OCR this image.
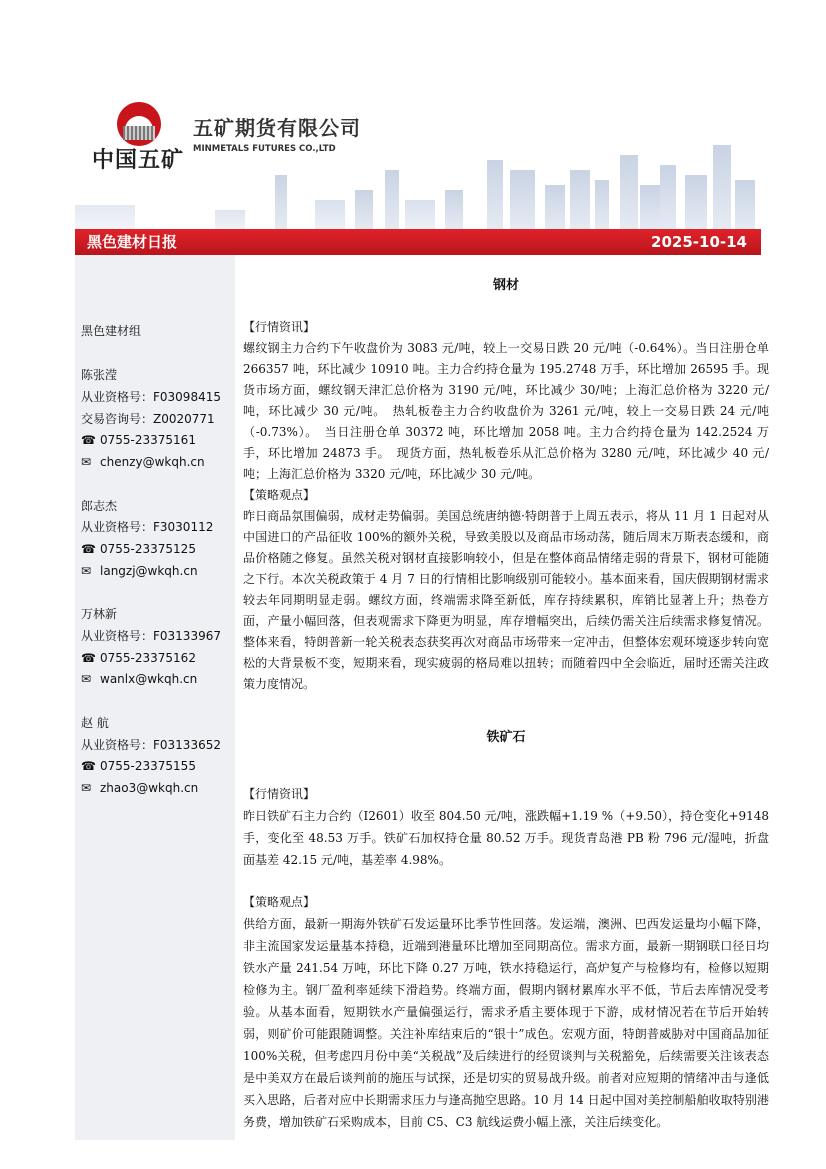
中国五矿
五矿期货有限公司
MINMETALS FUTURES CO.,LTD
黑色建材日报	2025-10-14
黑色建材组
陈张滢
从业资格号：F03098415
交易咨询号：Z0020771
☎ 0755-23375161
✉ chenzy@wkqh.cn
郎志杰
从业资格号：F3030112
☎ 0755-23375125
✉ langzj@wkqh.cn
万林新
从业资格号：F03133967
☎ 0755-23375162
✉ wanlx@wkqh.cn
赵 航
从业资格号：F03133652
☎ 0755-23375155
✉ zhao3@wkqh.cn
钢材
【行情资讯】
螺纹钢主力合约下午收盘价为 3083 元/吨，较上一交易日跌 20 元/吨（-0.64%）。当日注册仓单 266357 吨，环比减少 10910 吨。主力合约持仓量为 195.2748 万手，环比增加 26595 手。现货市场方面，螺纹钢天津汇总价格为 3190 元/吨，环比减少 30/吨；上海汇总价格为 3220 元/吨，环比减少 30 元/吨。　热轧板卷主力合约收盘价为 3261 元/吨，较上一交易日跌 24 元/吨（-0.73%）。　当日注册仓单 30372 吨，环比增加 2058 吨。主力合约持仓量为 142.2524 万手，环比增加 24873 手。　现货方面，热轧板卷乐从汇总价格为 3280 元/吨，环比减少 40 元/吨；上海汇总价格为 3320 元/吨，环比减少 30 元/吨。
【策略观点】
昨日商品氛围偏弱，成材走势偏弱。美国总统唐纳德·特朗普于上周五表示，将从 11 月 1 日起对从中国进口的产品征收 100%的额外关税，导致美股以及商品市场动荡，随后周末万斯表态缓和，商品价格随之修复。虽然关税对钢材直接影响较小，但是在整体商品情绪走弱的背景下，钢材可能随之下行。本次关税政策于 4 月 7 日的行情相比影响级别可能较小。基本面来看，国庆假期钢材需求较去年同期明显走弱。螺纹方面，终端需求降至新低，库存持续累积，库销比显著上升；热卷方面，产量小幅回落，但表观需求下降更为明显，库存增幅突出，后续仍需关注后续需求修复情况。整体来看，特朗普新一轮关税表态获奖再次对商品市场带来一定冲击，但整体宏观环境逐步转向宽松的大背景板不变，短期来看，现实疲弱的格局难以扭转；而随着四中全会临近，届时还需关注政策力度情况。
铁矿石
【行情资讯】
昨日铁矿石主力合约（I2601）收至 804.50 元/吨，涨跌幅+1.19 %（+9.50），持仓变化+9148 手，变化至 48.53 万手。铁矿石加权持仓量 80.52 万手。现货青岛港 PB 粉 796 元/湿吨，折盘面基差 42.15 元/吨，基差率 4.98%。
【策略观点】
供给方面，最新一期海外铁矿石发运量环比季节性回落。发运端，澳洲、巴西发运量均小幅下降，非主流国家发运量基本持稳，近端到港量环比增加至同期高位。需求方面，最新一期钢联口径日均铁水产量 241.54 万吨，环比下降 0.27 万吨，铁水持稳运行，高炉复产与检修均有，检修以短期检修为主。钢厂盈利率延续下滑趋势。终端方面，假期内钢材累库水平不低，节后去库情况受考验。从基本面看，短期铁水产量偏强运行，需求矛盾主要体现于下游，成材情况若在节后开始转弱，则矿价可能跟随调整。关注补库结束后的“银十”成色。宏观方面，特朗普威胁对中国商品加征 100%关税，但考虑四月份中美“关税战”及后续进行的经贸谈判与关税豁免，后续需要关注该表态是中美双方在最后谈判前的施压与试探，还是切实的贸易战升级。前者对应短期的情绪冲击与逢低买入思路，后者对应中长期需求压力与逢高抛空思路。10 月 14 日起中国对美控制船舶收取特别港务费，增加铁矿石采购成本，目前 C5、C3 航线运费小幅上涨，关注后续变化。
